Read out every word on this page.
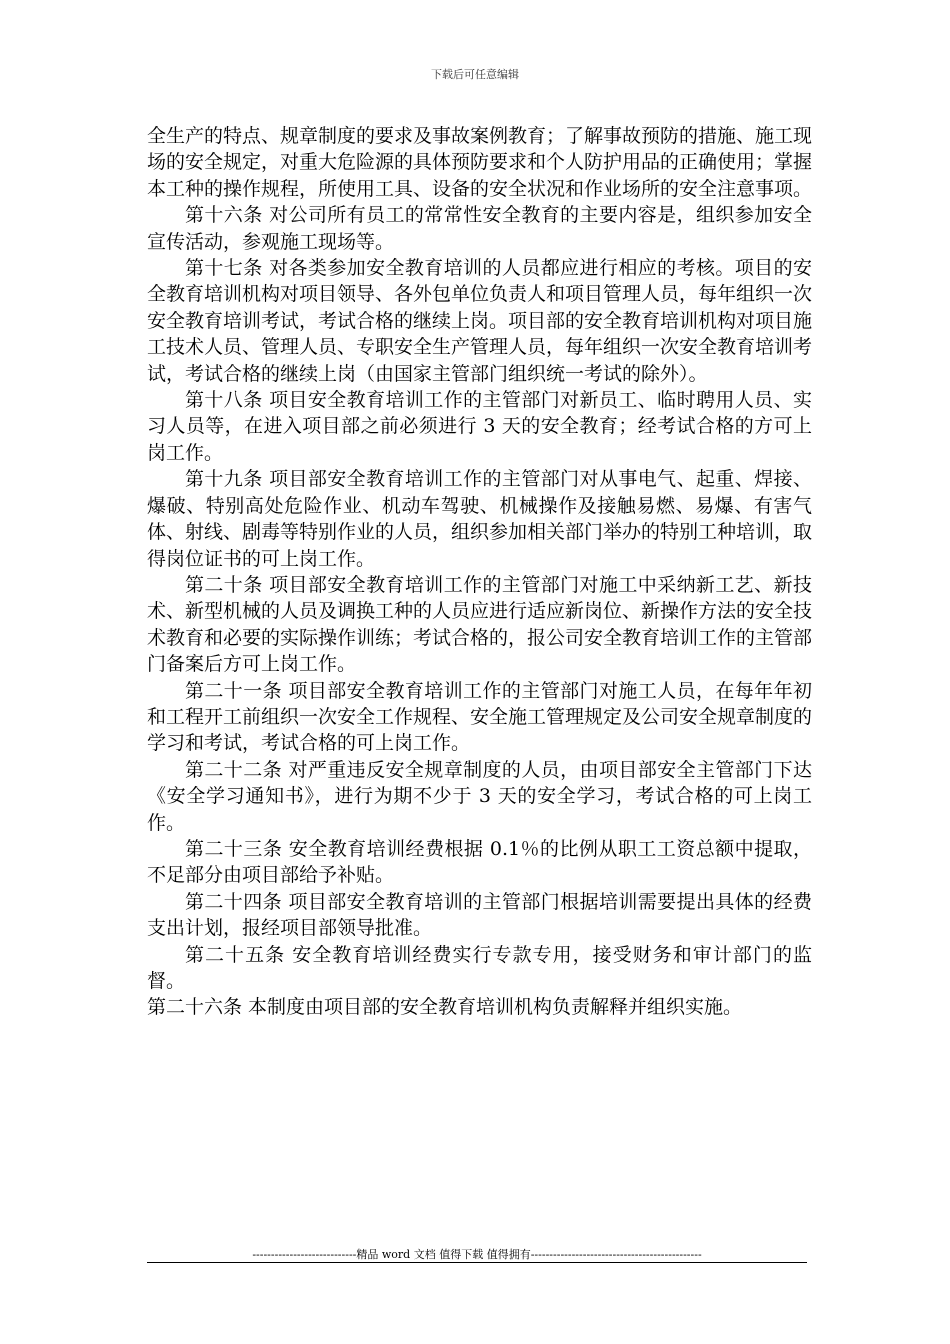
下载后可任意编辑

全生产的特点、规章制度的要求及事故案例教育；了解事故预防的措施、施工现场的安全规定，对重大危险源的具体预防要求和个人防护用品的正确使用；掌握本工种的操作规程，所使用工具、设备的安全状况和作业场所的安全注意事项。

第十六条 对公司所有员工的常常性安全教育的主要内容是，组织参加安全宣传活动，参观施工现场等。

第十七条 对各类参加安全教育培训的人员都应进行相应的考核。项目的安全教育培训机构对项目领导、各外包单位负责人和项目管理人员，每年组织一次安全教育培训考试，考试合格的继续上岗。项目部的安全教育培训机构对项目施工技术人员、管理人员、专职安全生产管理人员，每年组织一次安全教育培训考试，考试合格的继续上岗（由国家主管部门组织统一考试的除外）。

第十八条 项目安全教育培训工作的主管部门对新员工、临时聘用人员、实习人员等，在进入项目部之前必须进行 3 天的安全教育；经考试合格的方可上岗工作。

第十九条 项目部安全教育培训工作的主管部门对从事电气、起重、焊接、爆破、特别高处危险作业、机动车驾驶、机械操作及接触易燃、易爆、有害气体、射线、剧毒等特别作业的人员，组织参加相关部门举办的特别工种培训，取得岗位证书的可上岗工作。

第二十条 项目部安全教育培训工作的主管部门对施工中采纳新工艺、新技术、新型机械的人员及调换工种的人员应进行适应新岗位、新操作方法的安全技术教育和必要的实际操作训练；考试合格的，报公司安全教育培训工作的主管部门备案后方可上岗工作。

第二十一条 项目部安全教育培训工作的主管部门对施工人员，在每年年初和工程开工前组织一次安全工作规程、安全施工管理规定及公司安全规章制度的学习和考试，考试合格的可上岗工作。

第二十二条 对严重违反安全规章制度的人员，由项目部安全主管部门下达《安全学习通知书》，进行为期不少于 3 天的安全学习，考试合格的可上岗工作。

第二十三条 安全教育培训经费根据 0.1％的比例从职工工资总额中提取，不足部分由项目部给予补贴。

第二十四条 项目部安全教育培训的主管部门根据培训需要提出具体的经费支出计划，报经项目部领导批准。

第二十五条 安全教育培训经费实行专款专用，接受财务和审计部门的监督。

第二十六条 本制度由项目部的安全教育培训机构负责解释并组织实施。

----------------------------精品 word 文档 值得下载 值得拥有----------------------------------------------
